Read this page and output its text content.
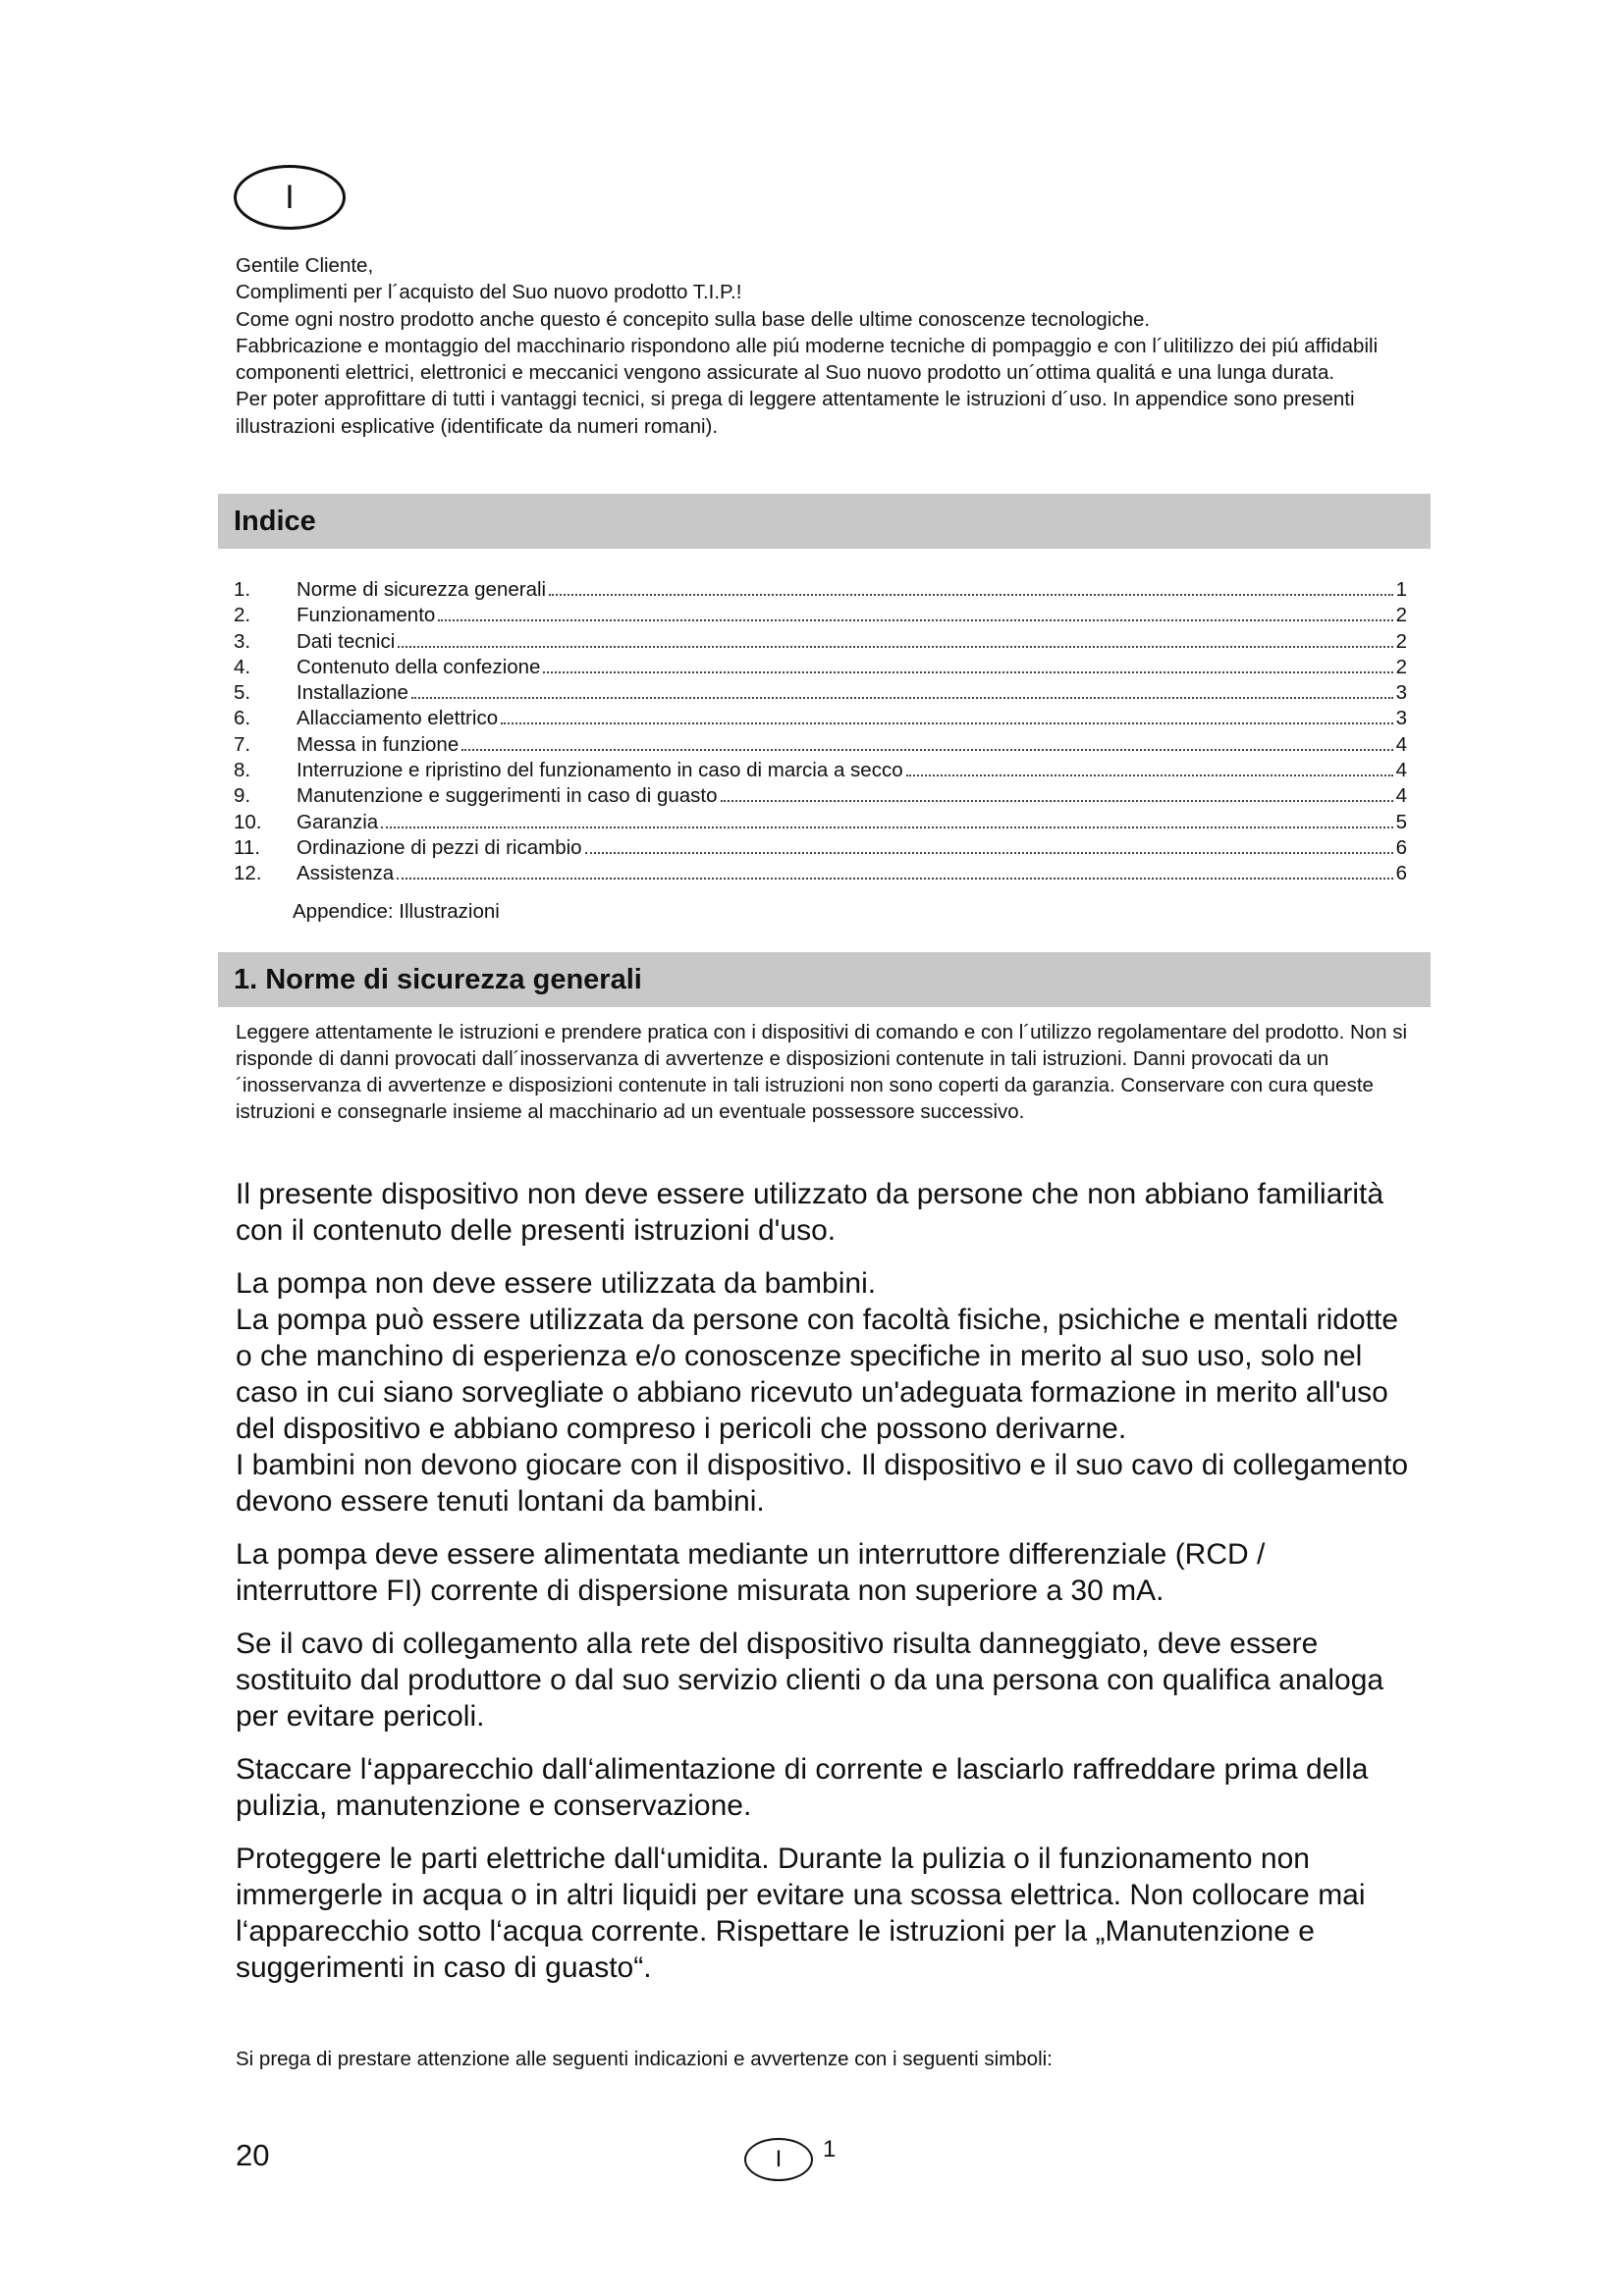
I

Gentile Cliente,

Complimenti per l´acquisto del Suo nuovo prodotto T.I.P.!

Come ogni nostro prodotto anche questo é concepito sulla base delle ultime conoscenze tecnologiche.

Fabbricazione e montaggio del macchinario rispondono alle piú moderne tecniche di pompaggio e con l´ulitilizzo dei piú affidabili componenti elettrici, elettronici e meccanici vengono assicurate al Suo nuovo prodotto un´ottima qualitá e una lunga durata.

Per poter approfittare di tutti i vantaggi tecnici, si prega di leggere attentamente le istruzioni d´uso. In appendice sono presenti illustrazioni esplicative (identificate da numeri romani).

Indice
1.	Norme di sicurezza generali	1
2.	Funzionamento	2
3.	Dati tecnici	2
4.	Contenuto della confezione	2
5.	Installazione	3
6.	Allacciamento elettrico	3
7.	Messa in funzione	4
8.	Interruzione e ripristino del funzionamento in caso di marcia a secco	4
9.	Manutenzione e suggerimenti in caso di guasto	4
10.	Garanzia	5
11.	Ordinazione di pezzi di ricambio	6
12.	Assistenza	6
Appendice: Illustrazioni
1. Norme di sicurezza generali
Leggere attentamente le istruzioni e prendere pratica con i dispositivi di comando e con l´utilizzo regolamentare del prodotto. Non si risponde di danni provocati dall´inosservanza di avvertenze e disposizioni contenute in tali istruzioni. Danni provocati da un´inosservanza di avvertenze e disposizioni contenute in tali istruzioni non sono coperti da garanzia. Conservare con cura queste istruzioni e consegnarle insieme al macchinario ad un eventuale possessore successivo.

Il presente dispositivo non deve essere utilizzato da persone che non abbiano familiarità con il contenuto delle presenti istruzioni d'uso.

La pompa non deve essere utilizzata da bambini.
La pompa può essere utilizzata da persone con facoltà fisiche, psichiche e mentali ridotte o che manchino di esperienza e/o conoscenze specifiche in merito al suo uso, solo nel caso in cui siano sorvegliate o abbiano ricevuto un'adeguata formazione in merito all'uso del dispositivo e abbiano compreso i pericoli che possono derivarne.
I bambini non devono giocare con il dispositivo. Il dispositivo e il suo cavo di collegamento devono essere tenuti lontani da bambini.

La pompa deve essere alimentata mediante un interruttore differenziale (RCD / interruttore FI) corrente di dispersione misurata non superiore a 30 mA.

Se il cavo di collegamento alla rete del dispositivo risulta danneggiato, deve essere sostituito dal produttore o dal suo servizio clienti o da una persona con qualifica analoga per evitare pericoli.

Staccare l‘apparecchio dall‘alimentazione di corrente e lasciarlo raffreddare prima della pulizia, manutenzione e conservazione.

Proteggere le parti elettriche dall‘umidita. Durante la pulizia o il funzionamento non immergerle in acqua o in altri liquidi per evitare una scossa elettrica. Non collocare mai l‘apparecchio sotto l‘acqua corrente. Rispettare le istruzioni per la „Manutenzione e suggerimenti in caso di guasto“.

Si prega di prestare attenzione alle seguenti indicazioni e avvertenze con i seguenti simboli:
20	I	1
